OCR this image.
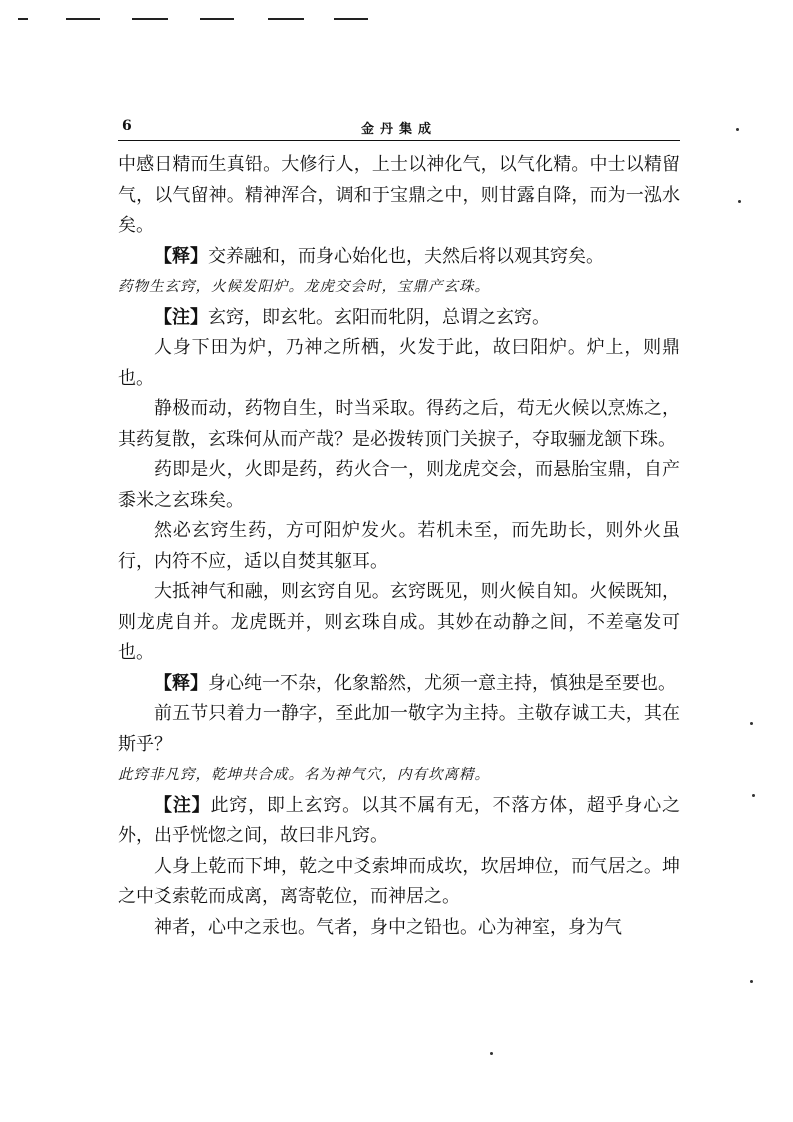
6	金丹集成

中感日精而生真铅。大修行人，上士以神化气，以气化精。中士以精留气，以气留神。精神浑合，调和于宝鼎之中，则甘露自降，而为一泓水矣。

【释】交养融和，而身心始化也，夫然后将以观其窍矣。

药物生玄窍，火候发阳炉。龙虎交会时，宝鼎产玄珠。

【注】玄窍，即玄牝。玄阳而牝阴，总谓之玄窍。

人身下田为炉，乃神之所栖，火发于此，故曰阳炉。炉上，则鼎也。

静极而动，药物自生，时当采取。得药之后，苟无火候以烹炼之，其药复散，玄珠何从而产哉？是必拨转顶门关捩子，夺取骊龙颔下珠。

药即是火，火即是药，药火合一，则龙虎交会，而悬胎宝鼎，自产黍米之玄珠矣。

然必玄窍生药，方可阳炉发火。若机未至，而先助长，则外火虽行，内符不应，适以自焚其躯耳。

大抵神气和融，则玄窍自见。玄窍既见，则火候自知。火候既知，则龙虎自并。龙虎既并，则玄珠自成。其妙在动静之间，不差毫发可也。

【释】身心纯一不杂，化象豁然，尤须一意主持，慎独是至要也。

前五节只着力一静字，至此加一敬字为主持。主敬存诚工夫，其在斯乎？

此窍非凡窍，乾坤共合成。名为神气穴，内有坎离精。

【注】此窍，即上玄窍。以其不属有无，不落方体，超乎身心之外，出乎恍惚之间，故曰非凡窍。

人身上乾而下坤，乾之中爻索坤而成坎，坎居坤位，而气居之。坤之中爻索乾而成离，离寄乾位，而神居之。

神者，心中之汞也。气者，身中之铅也。心为神室，身为气
